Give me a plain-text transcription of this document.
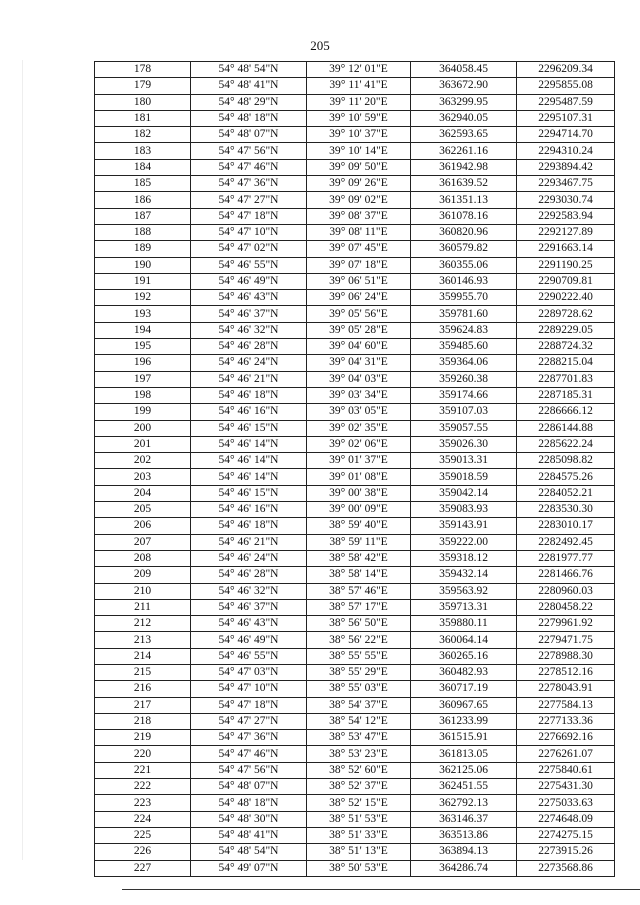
205
178	54° 48' 54"N	39° 12' 01"E	364058.45	2296209.34
179	54° 48' 41"N	39° 11' 41"E	363672.90	2295855.08
180	54° 48' 29"N	39° 11' 20"E	363299.95	2295487.59
181	54° 48' 18"N	39° 10' 59"E	362940.05	2295107.31
182	54° 48' 07"N	39° 10' 37"E	362593.65	2294714.70
183	54° 47' 56"N	39° 10' 14"E	362261.16	2294310.24
184	54° 47' 46"N	39° 09' 50"E	361942.98	2293894.42
185	54° 47' 36"N	39° 09' 26"E	361639.52	2293467.75
186	54° 47' 27"N	39° 09' 02"E	361351.13	2293030.74
187	54° 47' 18"N	39° 08' 37"E	361078.16	2292583.94
188	54° 47' 10"N	39° 08' 11"E	360820.96	2292127.89
189	54° 47' 02"N	39° 07' 45"E	360579.82	2291663.14
190	54° 46' 55"N	39° 07' 18"E	360355.06	2291190.25
191	54° 46' 49"N	39° 06' 51"E	360146.93	2290709.81
192	54° 46' 43"N	39° 06' 24"E	359955.70	2290222.40
193	54° 46' 37"N	39° 05' 56"E	359781.60	2289728.62
194	54° 46' 32"N	39° 05' 28"E	359624.83	2289229.05
195	54° 46' 28"N	39° 04' 60"E	359485.60	2288724.32
196	54° 46' 24"N	39° 04' 31"E	359364.06	2288215.04
197	54° 46' 21"N	39° 04' 03"E	359260.38	2287701.83
198	54° 46' 18"N	39° 03' 34"E	359174.66	2287185.31
199	54° 46' 16"N	39° 03' 05"E	359107.03	2286666.12
200	54° 46' 15"N	39° 02' 35"E	359057.55	2286144.88
201	54° 46' 14"N	39° 02' 06"E	359026.30	2285622.24
202	54° 46' 14"N	39° 01' 37"E	359013.31	2285098.82
203	54° 46' 14"N	39° 01' 08"E	359018.59	2284575.26
204	54° 46' 15"N	39° 00' 38"E	359042.14	2284052.21
205	54° 46' 16"N	39° 00' 09"E	359083.93	2283530.30
206	54° 46' 18"N	38° 59' 40"E	359143.91	2283010.17
207	54° 46' 21"N	38° 59' 11"E	359222.00	2282492.45
208	54° 46' 24"N	38° 58' 42"E	359318.12	2281977.77
209	54° 46' 28"N	38° 58' 14"E	359432.14	2281466.76
210	54° 46' 32"N	38° 57' 46"E	359563.92	2280960.03
211	54° 46' 37"N	38° 57' 17"E	359713.31	2280458.22
212	54° 46' 43"N	38° 56' 50"E	359880.11	2279961.92
213	54° 46' 49"N	38° 56' 22"E	360064.14	2279471.75
214	54° 46' 55"N	38° 55' 55"E	360265.16	2278988.30
215	54° 47' 03"N	38° 55' 29"E	360482.93	2278512.16
216	54° 47' 10"N	38° 55' 03"E	360717.19	2278043.91
217	54° 47' 18"N	38° 54' 37"E	360967.65	2277584.13
218	54° 47' 27"N	38° 54' 12"E	361233.99	2277133.36
219	54° 47' 36"N	38° 53' 47"E	361515.91	2276692.16
220	54° 47' 46"N	38° 53' 23"E	361813.05	2276261.07
221	54° 47' 56"N	38° 52' 60"E	362125.06	2275840.61
222	54° 48' 07"N	38° 52' 37"E	362451.55	2275431.30
223	54° 48' 18"N	38° 52' 15"E	362792.13	2275033.63
224	54° 48' 30"N	38° 51' 53"E	363146.37	2274648.09
225	54° 48' 41"N	38° 51' 33"E	363513.86	2274275.15
226	54° 48' 54"N	38° 51' 13"E	363894.13	2273915.26
227	54° 49' 07"N	38° 50' 53"E	364286.74	2273568.86
